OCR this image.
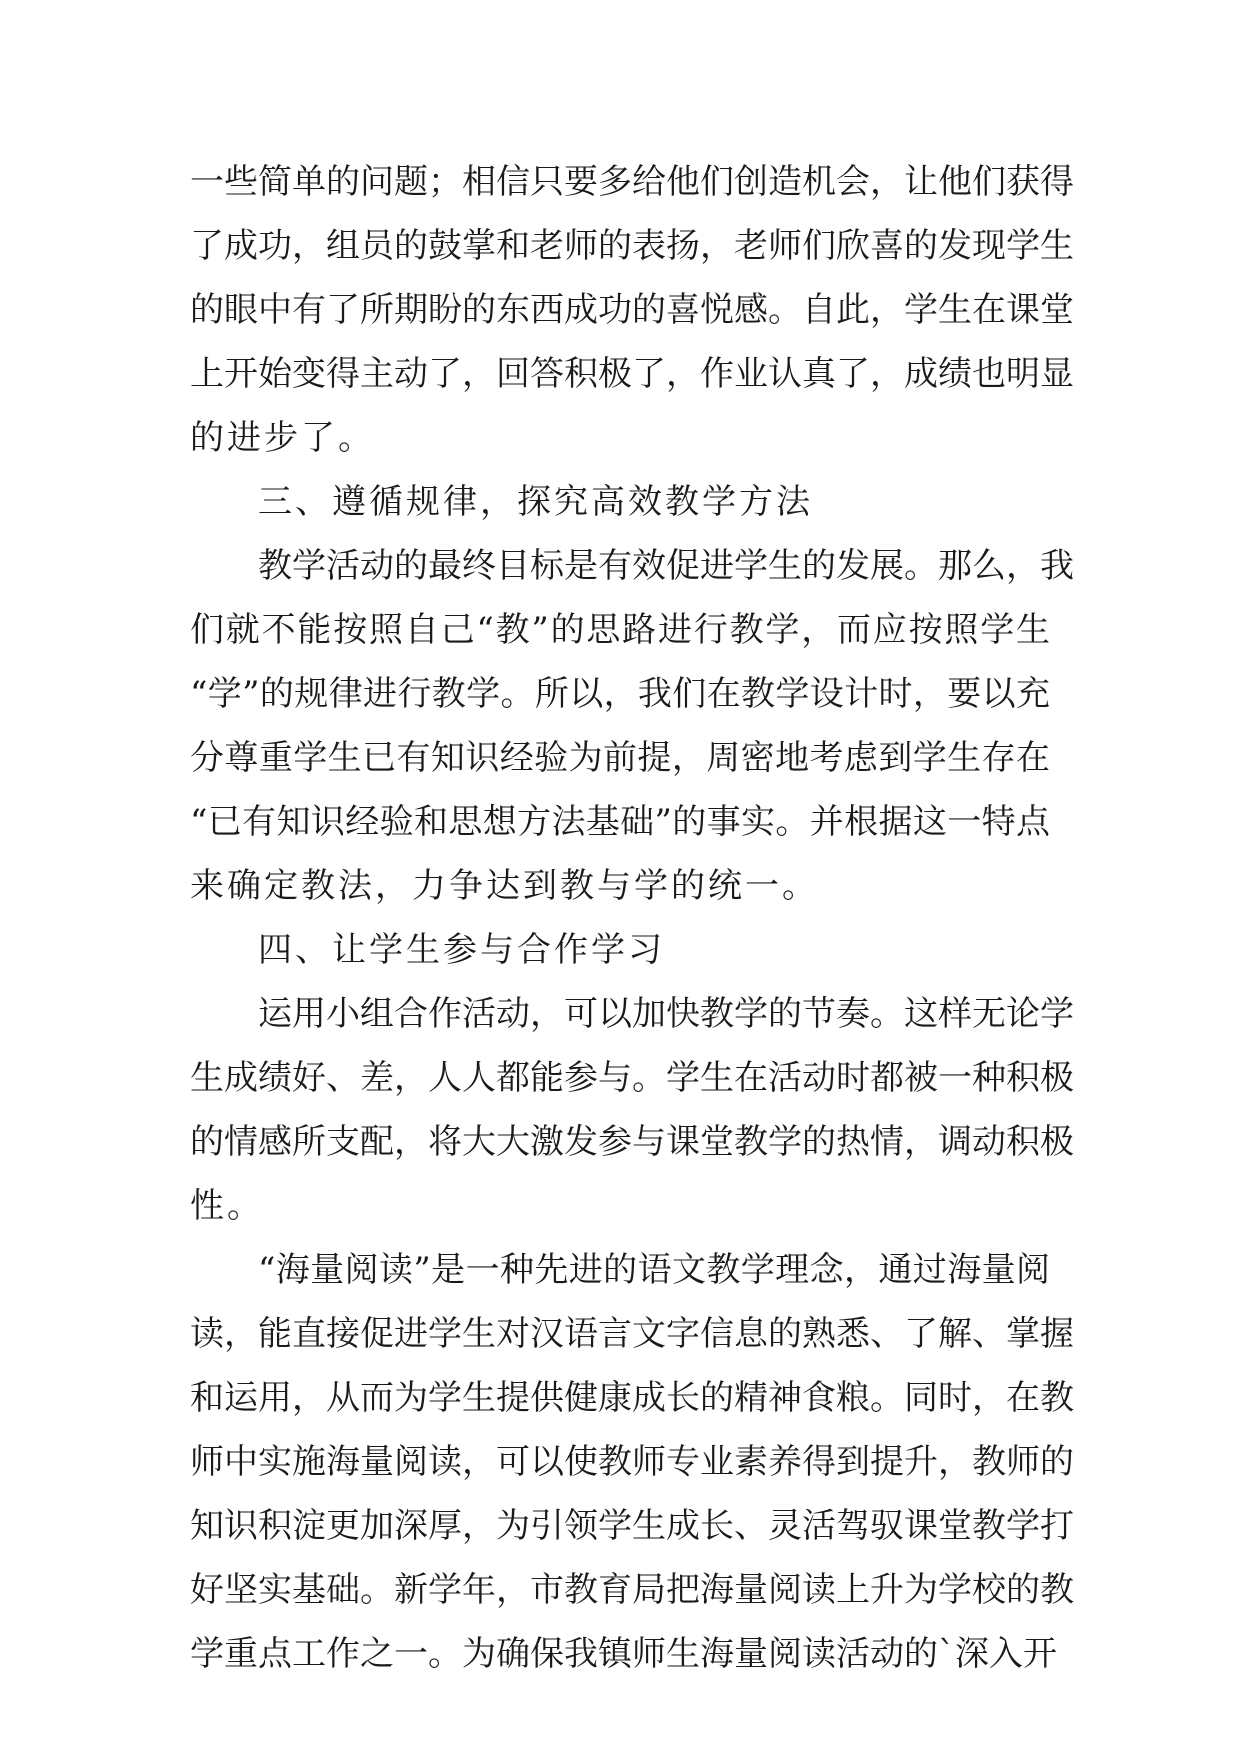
一些简单的问题；相信只要多给他们创造机会，让他们获得
了成功，组员的鼓掌和老师的表扬，老师们欣喜的发现学生
的眼中有了所期盼的东西成功的喜悦感。自此，学生在课堂
上开始变得主动了，回答积极了，作业认真了，成绩也明显
的进步了。
三、遵循规律，探究高效教学方法
教学活动的最终目标是有效促进学生的发展。那么，我
们就不能按照自己“教”的思路进行教学，而应按照学生
“学”的规律进行教学。所以，我们在教学设计时，要以充
分尊重学生已有知识经验为前提，周密地考虑到学生存在
“已有知识经验和思想方法基础”的事实。并根据这一特点
来确定教法，力争达到教与学的统一。
四、让学生参与合作学习
运用小组合作活动，可以加快教学的节奏。这样无论学
生成绩好、差，人人都能参与。学生在活动时都被一种积极
的情感所支配，将大大激发参与课堂教学的热情，调动积极
性。
“海量阅读”是一种先进的语文教学理念，通过海量阅
读，能直接促进学生对汉语言文字信息的熟悉、了解、掌握
和运用，从而为学生提供健康成长的精神食粮。同时，在教
师中实施海量阅读，可以使教师专业素养得到提升，教师的
知识积淀更加深厚，为引领学生成长、灵活驾驭课堂教学打
好坚实基础。新学年，市教育局把海量阅读上升为学校的教
学重点工作之一。为确保我镇师生海量阅读活动的`深入开
